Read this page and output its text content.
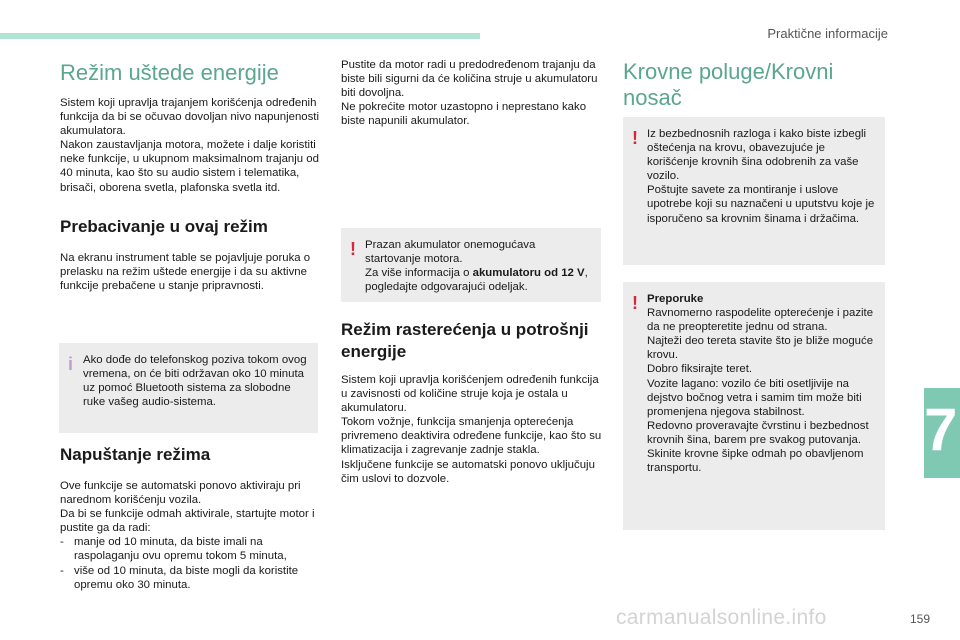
Praktične informacije
Režim uštede energije

Sistem koji upravlja trajanjem korišćenja određenih funkcija da bi se očuvao dovoljan nivo napunjenosti akumulatora.

Nakon zaustavljanja motora, možete i dalje koristiti neke funkcije, u ukupnom maksimalnom trajanju od 40 minuta, kao što su audio sistem i telematika, brisači, oborena svetla, plafonska svetla itd.

Prebacivanje u ovaj režim

Na ekranu instrument table se pojavljuje poruka o prelasku na režim uštede energije i da su aktivne funkcije prebačene u stanje pripravnosti.

i Ako dođe do telefonskog poziva tokom ovog vremena, on će biti održavan oko 10 minuta uz pomoć Bluetooth sistema za slobodne ruke vašeg audio-sistema.

Napuštanje režima

Ove funkcije se automatski ponovo aktiviraju pri narednom korišćenju vozila.

Da bi se funkcije odmah aktivirale, startujte motor i pustite ga da radi:

- manje od 10 minuta, da biste imali na raspolaganju ovu opremu tokom 5 minuta,
- više od 10 minuta, da biste mogli da koristite opremu oko 30 minuta.

Pustite da motor radi u predodređenom trajanju da biste bili sigurni da će količina struje u akumulatoru biti dovoljna.

Ne pokrećite motor uzastopno i neprestano kako biste napunili akumulator.

! Prazan akumulator onemogućava startovanje motora.

Za više informacija o akumulatoru od 12 V, pogledajte odgovarajući odeljak.

Režim rasterećenja u potrošnji energije

Sistem koji upravlja korišćenjem određenih funkcija u zavisnosti od količine struje koja je ostala u akumulatoru.

Tokom vožnje, funkcija smanjenja opterećenja privremeno deaktivira određene funkcije, kao što su klimatizacija i zagrevanje zadnje stakla.

Isključene funkcije se automatski ponovo uključuju čim uslovi to dozvole.

Krovne poluge/Krovni nosač
! Iz bezbednosnih razloga i kako biste izbegli oštećenja na krovu, obavezujuće je korišćenje krovnih šina odobrenih za vaše vozilo.

Poštujte savete za montiranje i uslove upotrebe koji su naznačeni u uputstvu koje je isporučeno sa krovnim šinama i držačima.

! Preporuke

Ravnomerno raspodelite opterećenje i pazite da ne preopteretite jednu od strana.

Najteži deo tereta stavite što je bliže moguće krovu.

Dobro fiksirajte teret.

Vozite lagano: vozilo će biti osetljivije na dejstvo bočnog vetra i samim tim može biti promenjena njegova stabilnost.

Redovno proveravajte čvrstinu i bezbednost krovnih šina, barem pre svakog putovanja.

Skinite krovne šipke odmah po obavljenom transportu.

7
carmanualsonline.info	159
